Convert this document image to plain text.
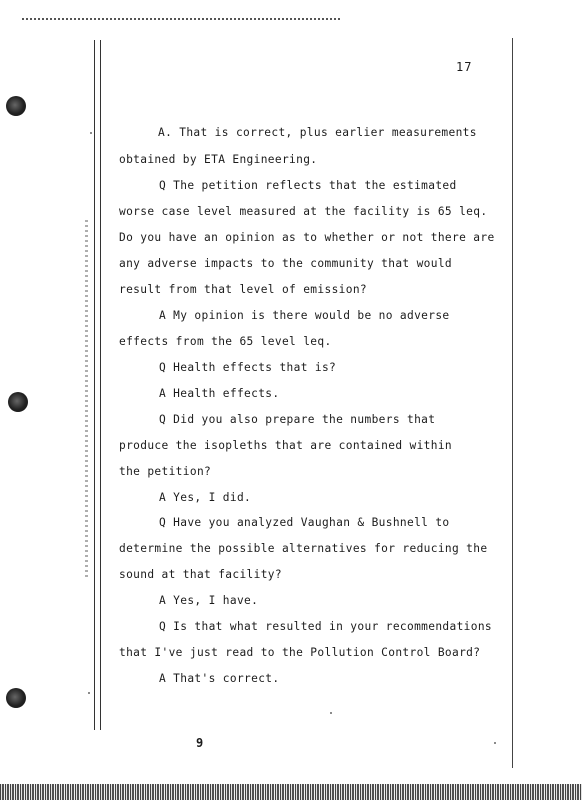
17
A. That is correct, plus earlier measurements
obtained by ETA Engineering.
Q The petition reflects that the estimated
worse case level measured at the facility is 65 leq.
Do you have an opinion as to whether or not there are
any adverse impacts to the community that would
result from that level of emission?
A My opinion is there would be no adverse
effects from the 65 level leq.
Q Health effects that is?
A Health effects.
Q Did you also prepare the numbers that
produce the isopleths that are contained within
the petition?
A Yes, I did.
Q Have you analyzed Vaughan & Bushnell to
determine the possible alternatives for reducing the
sound at that facility?
A Yes, I have.
Q Is that what resulted in your recommendations
that I've just read to the Pollution Control Board?
A That's correct.
9
